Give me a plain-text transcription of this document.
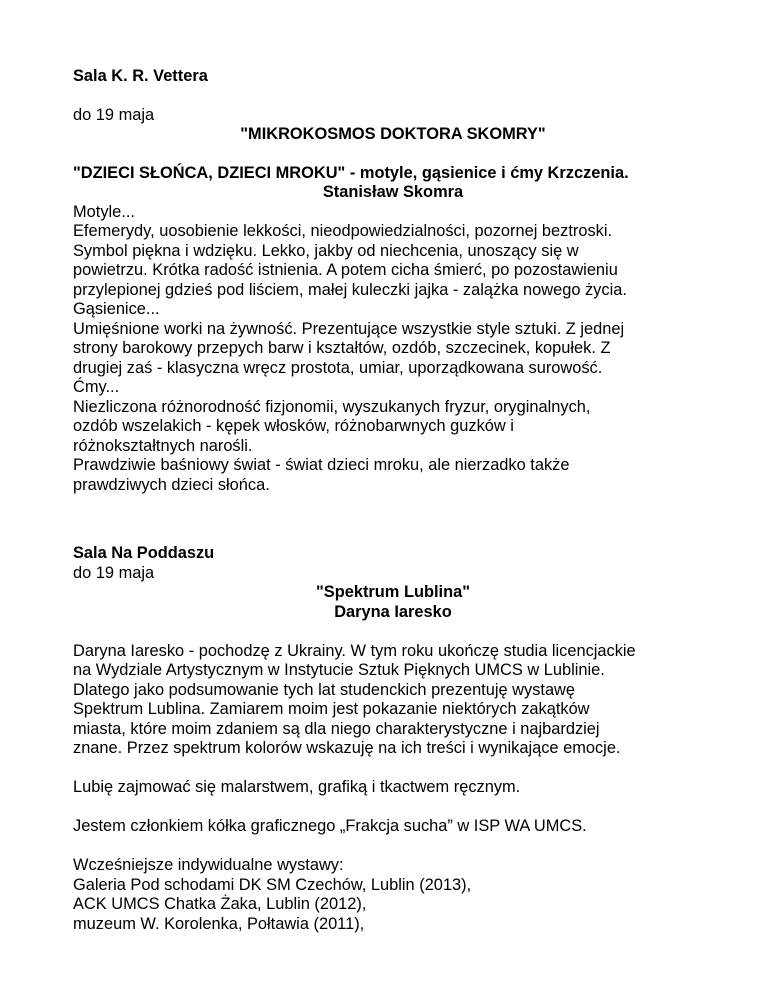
Sala K. R. Vettera
do 19 maja
"MIKROKOSMOS DOKTORA SKOMRY"
"DZIECI SŁOŃCA, DZIECI MROKU" - motyle, gąsienice i ćmy Krzczenia.
Stanisław Skomra
Motyle...
Efemerydy, uosobienie lekkości, nieodpowiedzialności, pozornej beztroski.
Symbol piękna i wdzięku. Lekko, jakby od niechcenia, unoszący się w
powietrzu. Krótka radość istnienia. A potem cicha śmierć, po pozostawieniu
przylepionej gdzieś pod liściem, małej kuleczki jajka - zalążka nowego życia.
Gąsienice...
Umięśnione worki na żywność. Prezentujące wszystkie style sztuki. Z jednej
strony barokowy przepych barw i kształtów, ozdób, szczecinek, kopułek. Z
drugiej zaś - klasyczna wręcz prostota, umiar, uporządkowana surowość.
Ćmy...
Niezliczona różnorodność fizjonomii, wyszukanych fryzur, oryginalnych,
ozdób wszelakich - kępek włosków, różnobarwnych guzków i
różnokształtnych narośli.
Prawdziwie baśniowy świat - świat dzieci mroku, ale nierzadko także
prawdziwych dzieci słońca.
Sala Na Poddaszu
do 19 maja
"Spektrum Lublina"
Daryna Iaresko
Daryna Iaresko - pochodzę z Ukrainy. W tym roku ukończę studia licencjackie
na Wydziale Artystycznym w Instytucie Sztuk Pięknych UMCS w Lublinie.
Dlatego jako podsumowanie tych lat studenckich prezentuję wystawę
Spektrum Lublina. Zamiarem moim jest pokazanie niektórych zakątków
miasta, które moim zdaniem są dla niego charakterystyczne i najbardziej
znane. Przez spektrum kolorów wskazuję na ich treści i wynikające emocje.
Lubię zajmować się malarstwem, grafiką i tkactwem ręcznym.
Jestem członkiem kółka graficznego „Frakcja sucha” w ISP WA UMCS.
Wcześniejsze indywidualne wystawy:
Galeria Pod schodami DK SM Czechów, Lublin (2013),
ACK UMCS Chatka Żaka, Lublin (2012),
muzeum W. Korolenka, Połtawia (2011),
